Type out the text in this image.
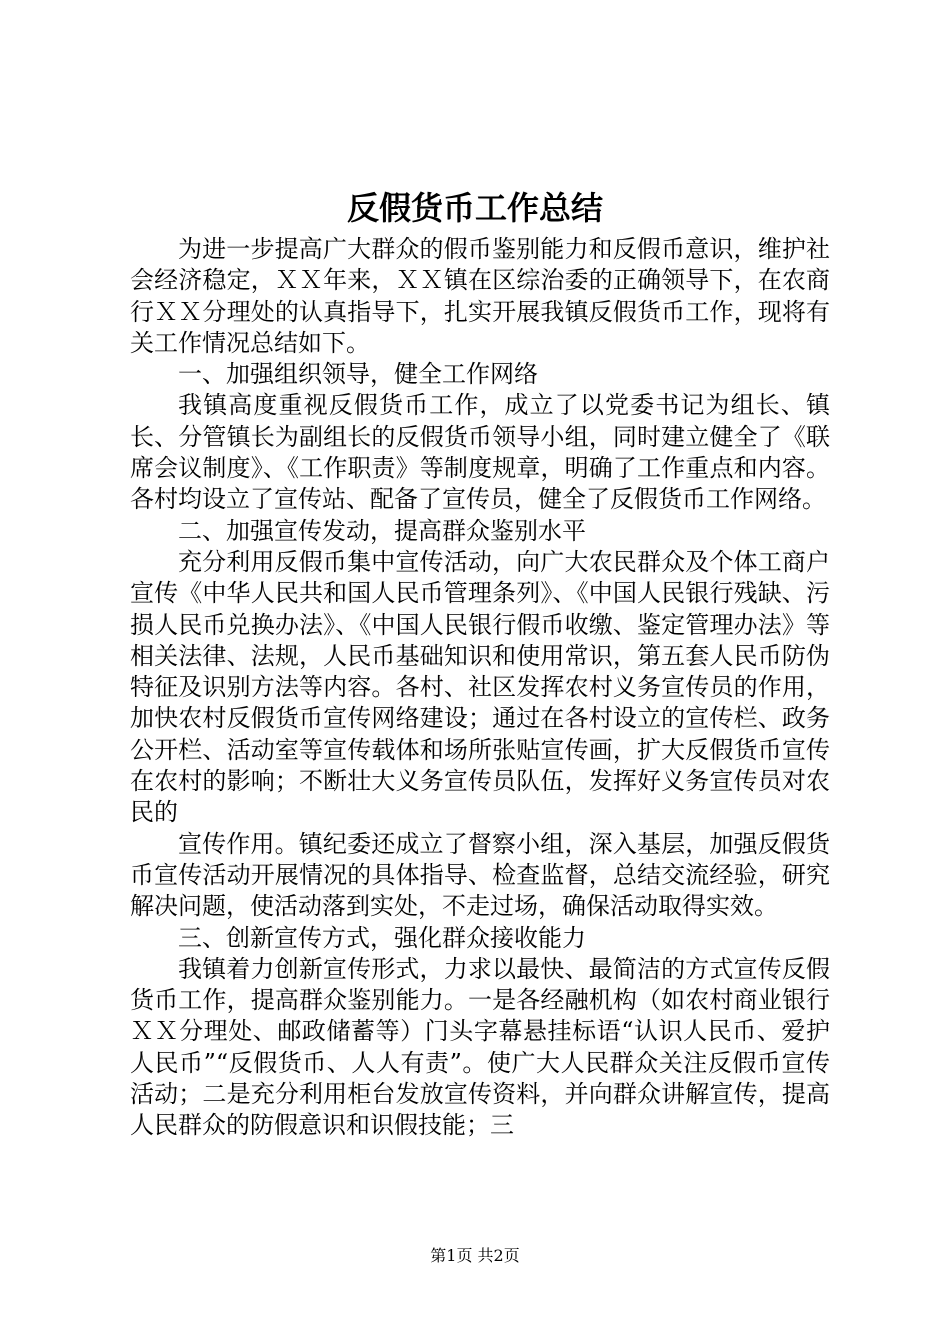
反假货币工作总结

为进一步提高广大群众的假币鉴别能力和反假币意识，维护社会经济稳定，ＸＸ年来，ＸＸ镇在区综治委的正确领导下，在农商行ＸＸ分理处的认真指导下，扎实开展我镇反假货币工作，现将有关工作情况总结如下。

一、加强组织领导，健全工作网络

我镇高度重视反假货币工作，成立了以党委书记为组长、镇长、分管镇长为副组长的反假货币领导小组，同时建立健全了《联席会议制度》、《工作职责》等制度规章，明确了工作重点和内容。各村均设立了宣传站、配备了宣传员，健全了反假货币工作网络。

二、加强宣传发动，提高群众鉴别水平

充分利用反假币集中宣传活动，向广大农民群众及个体工商户宣传《中华人民共和国人民币管理条列》、《中国人民银行残缺、污损人民币兑换办法》、《中国人民银行假币收缴、鉴定管理办法》等相关法律、法规，人民币基础知识和使用常识，第五套人民币防伪特征及识别方法等内容。各村、社区发挥农村义务宣传员的作用，加快农村反假货币宣传网络建设；通过在各村设立的宣传栏、政务公开栏、活动室等宣传载体和场所张贴宣传画，扩大反假货币宣传在农村的影响；不断壮大义务宣传员队伍，发挥好义务宣传员对农民的

宣传作用。镇纪委还成立了督察小组，深入基层，加强反假货币宣传活动开展情况的具体指导、检查监督，总结交流经验，研究解决问题，使活动落到实处，不走过场，确保活动取得实效。

三、创新宣传方式，强化群众接收能力

我镇着力创新宣传形式，力求以最快、最简洁的方式宣传反假货币工作，提高群众鉴别能力。一是各经融机构（如农村商业银行ＸＸ分理处、邮政储蓄等）门头字幕悬挂标语“认识人民币、爱护人民币”“反假货币、人人有责”。使广大人民群众关注反假币宣传活动；二是充分利用柜台发放宣传资料，并向群众讲解宣传，提高人民群众的防假意识和识假技能；三

第1页 共2页
